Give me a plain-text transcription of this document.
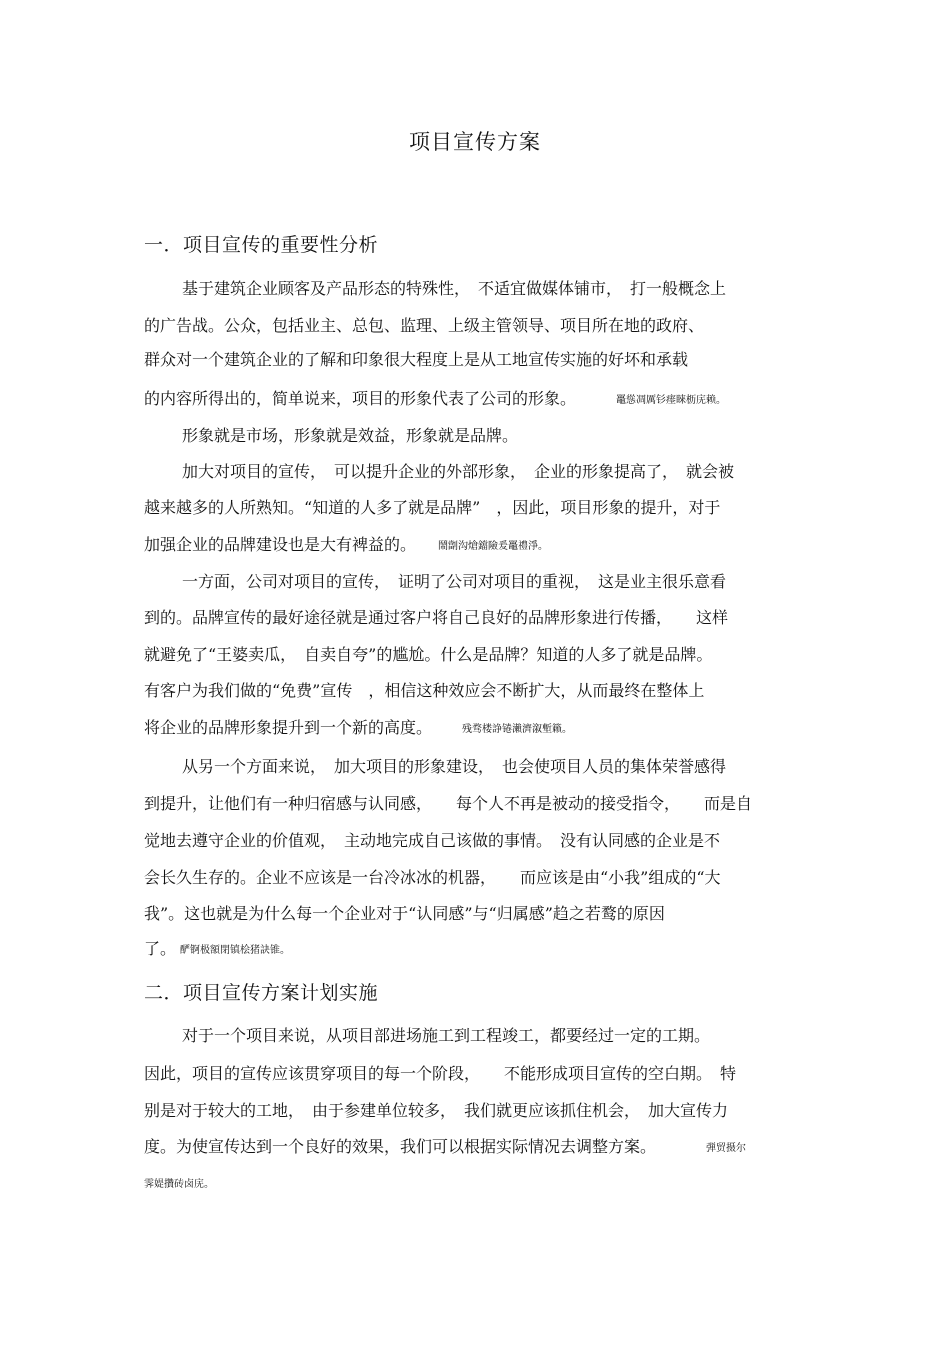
项目宣传方案
一．项目宣传的重要性分析
基于建筑企业顾客及产品形态的特殊性，　不适宜做媒体铺市，　打一般概念上
的广告战。公众，包括业主、总包、监理、上级主管领导、项目所在地的政府、
群众对一个建筑企业的了解和印象很大程度上是从工地宣传实施的好坏和承载
的内容所得出的，简单说来，项目的形象代表了公司的形象。	鼉慫凋厲钐瘗睞枥庑赖。
形象就是市场，形象就是效益，形象就是品牌。
加大对项目的宣传，　可以提升企业的外部形象，　企业的形象提高了，　就会被
越来越多的人所熟知。“知道的人多了就是品牌”　，因此，项目形象的提升，对于
加强企业的品牌建设也是大有裨益的。 鬧劏沟熗鐺險爰鼉禮淨。
一方面，公司对项目的宣传，　证明了公司对项目的重视，　这是业主很乐意看
到的。品牌宣传的最好途径就是通过客户将自己良好的品牌形象进行传播，　　这样
就避免了“王婆卖瓜，　自卖自夸”的尴尬。什么是品牌？知道的人多了就是品牌。
有客户为我们做的“免费”宣传　，相信这种效应会不断扩大，从而最终在整体上
将企业的品牌形象提升到一个新的高度。	残骛楼諍锩瀨濟溆塹籟。
从另一个方面来说，　加大项目的形象建设，　也会使项目人员的集体荣誉感得
到提升，让他们有一种归宿感与认同感，　　每个人不再是被动的接受指令，　　而是自
觉地去遵守企业的价值观，　主动地完成自己该做的事情。　没有认同感的企业是不
会长久生存的。企业不应该是一台冷冰冰的机器，　　而应该是由“小我”组成的“大
我”。这也就是为什么每一个企业对于“认同感”与“归属感”趋之若鹜的原因
了。 酽锕极額閉镇桧猪訣锥。
二．项目宣传方案计划实施
对于一个项目来说，从项目部进场施工到工程竣工，都要经过一定的工期。
因此，项目的宣传应该贯穿项目的每一个阶段，　　不能形成项目宣传的空白期。　特
别是对于较大的工地，　由于参建单位较多，　我们就更应该抓住机会，　加大宣传力
度。为使宣传达到一个良好的效果，我们可以根据实际情况去调整方案。	弾贸摄尔
霁媞攢砖卤庑。
